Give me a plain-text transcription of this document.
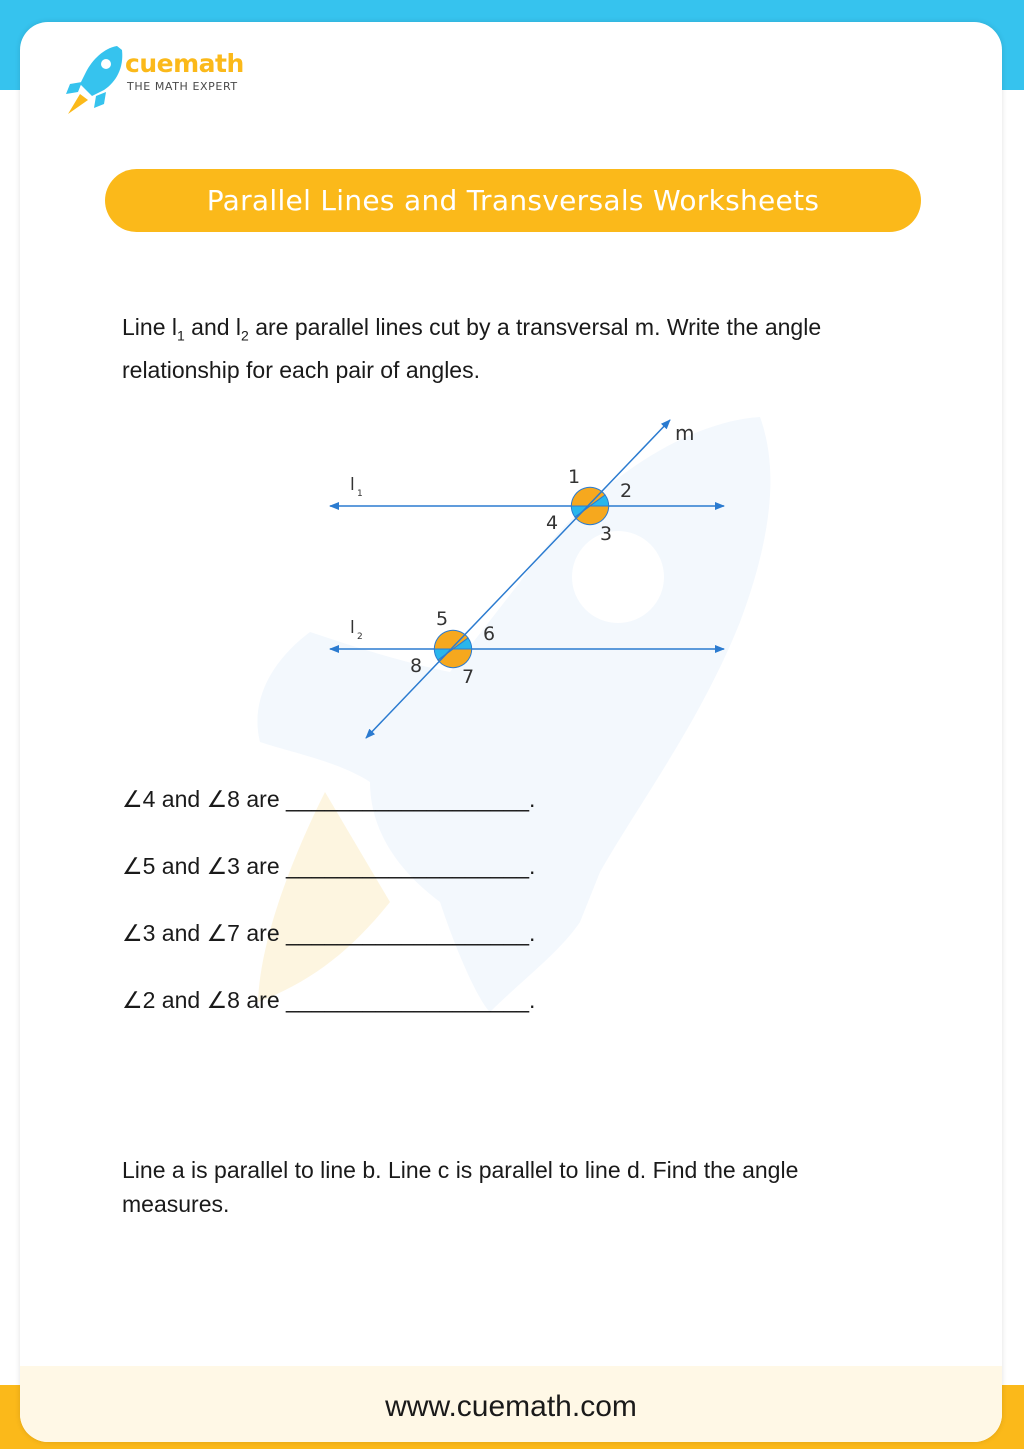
cuemath
THE MATH EXPERT
Parallel Lines and Transversals Worksheets
Line $l_1$ and $l_2$ are parallel lines cut by a transversal m. Write the angle relationship for each pair of angles.
m
l 1
l 2
1
2
3
4
5
6
7
8
∠4 and ∠8 are ___________________.
∠5 and ∠3 are ___________________.
∠3 and ∠7 are ___________________.
∠2 and ∠8 are ___________________.
Line a is parallel to line b. Line c is parallel to line d. Find the angle measures.
www.cuemath.com
